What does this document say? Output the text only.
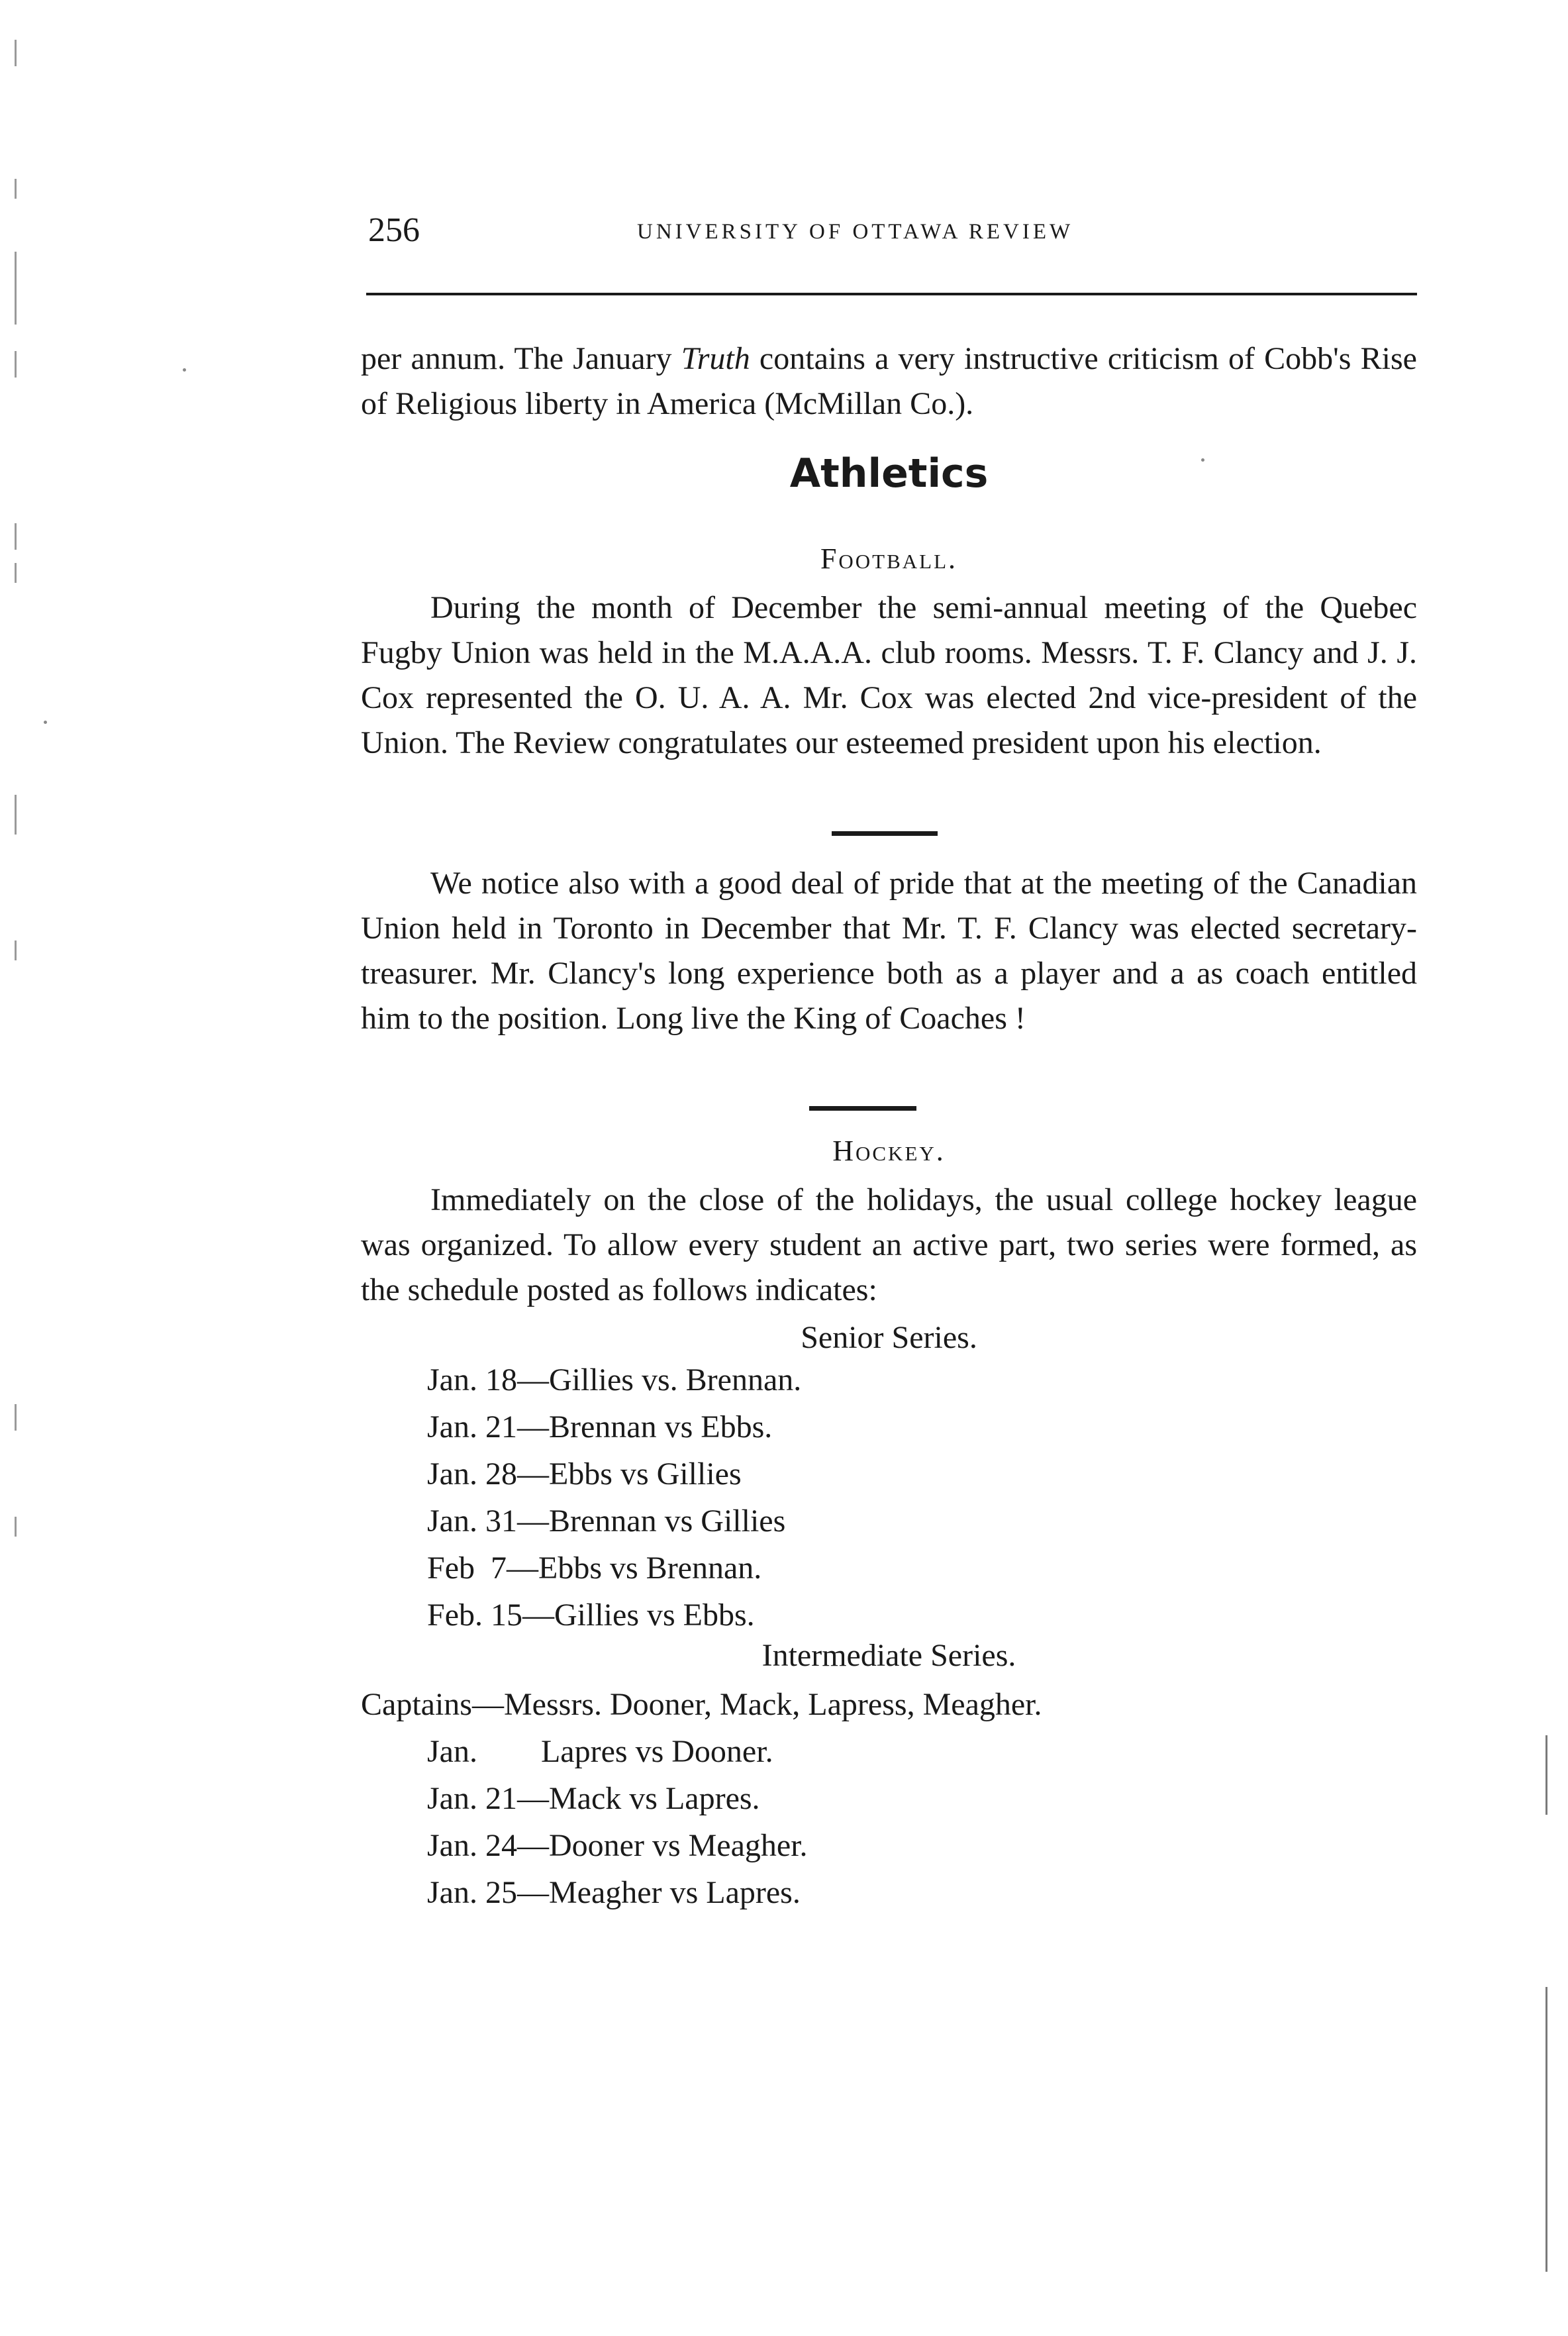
256	UNIVERSITY OF OTTAWA REVIEW

per annum. The January Truth contains a very instructive criticism of Cobb's Rise of Religious liberty in America (McMillan Co.).

Athletics
Football.

During the month of December the semi-annual meeting of the Quebec Fugby Union was held in the M.A.A.A. club rooms. Messrs. T. F. Clancy and J. J. Cox represented the O. U. A. A. Mr. Cox was elected 2nd vice-president of the Union. The Review congratulates our esteemed president upon his election.

We notice also with a good deal of pride that at the meeting of the Canadian Union held in Toronto in December that Mr. T. F. Clancy was elected secretary-treasurer. Mr. Clancy's long experience both as a player and a as coach entitled him to the position. Long live the King of Coaches !

Hockey.

Immediately on the close of the holidays, the usual college hockey league was organized. To allow every student an active part, two series were formed, as the schedule posted as follows indicates:

Senior Series.
Jan. 18—Gillies vs. Brennan.
Jan. 21—Brennan vs Ebbs.
Jan. 28—Ebbs vs Gillies
Jan. 31—Brennan vs Gillies
Feb  7—Ebbs vs Brennan.
Feb. 15—Gillies vs Ebbs.
Intermediate Series.
Captains—Messrs. Dooner, Mack, Lapress, Meagher.
Jan.        Lapres vs Dooner.
Jan. 21—Mack vs Lapres.
Jan. 24—Dooner vs Meagher.
Jan. 25—Meagher vs Lapres.
